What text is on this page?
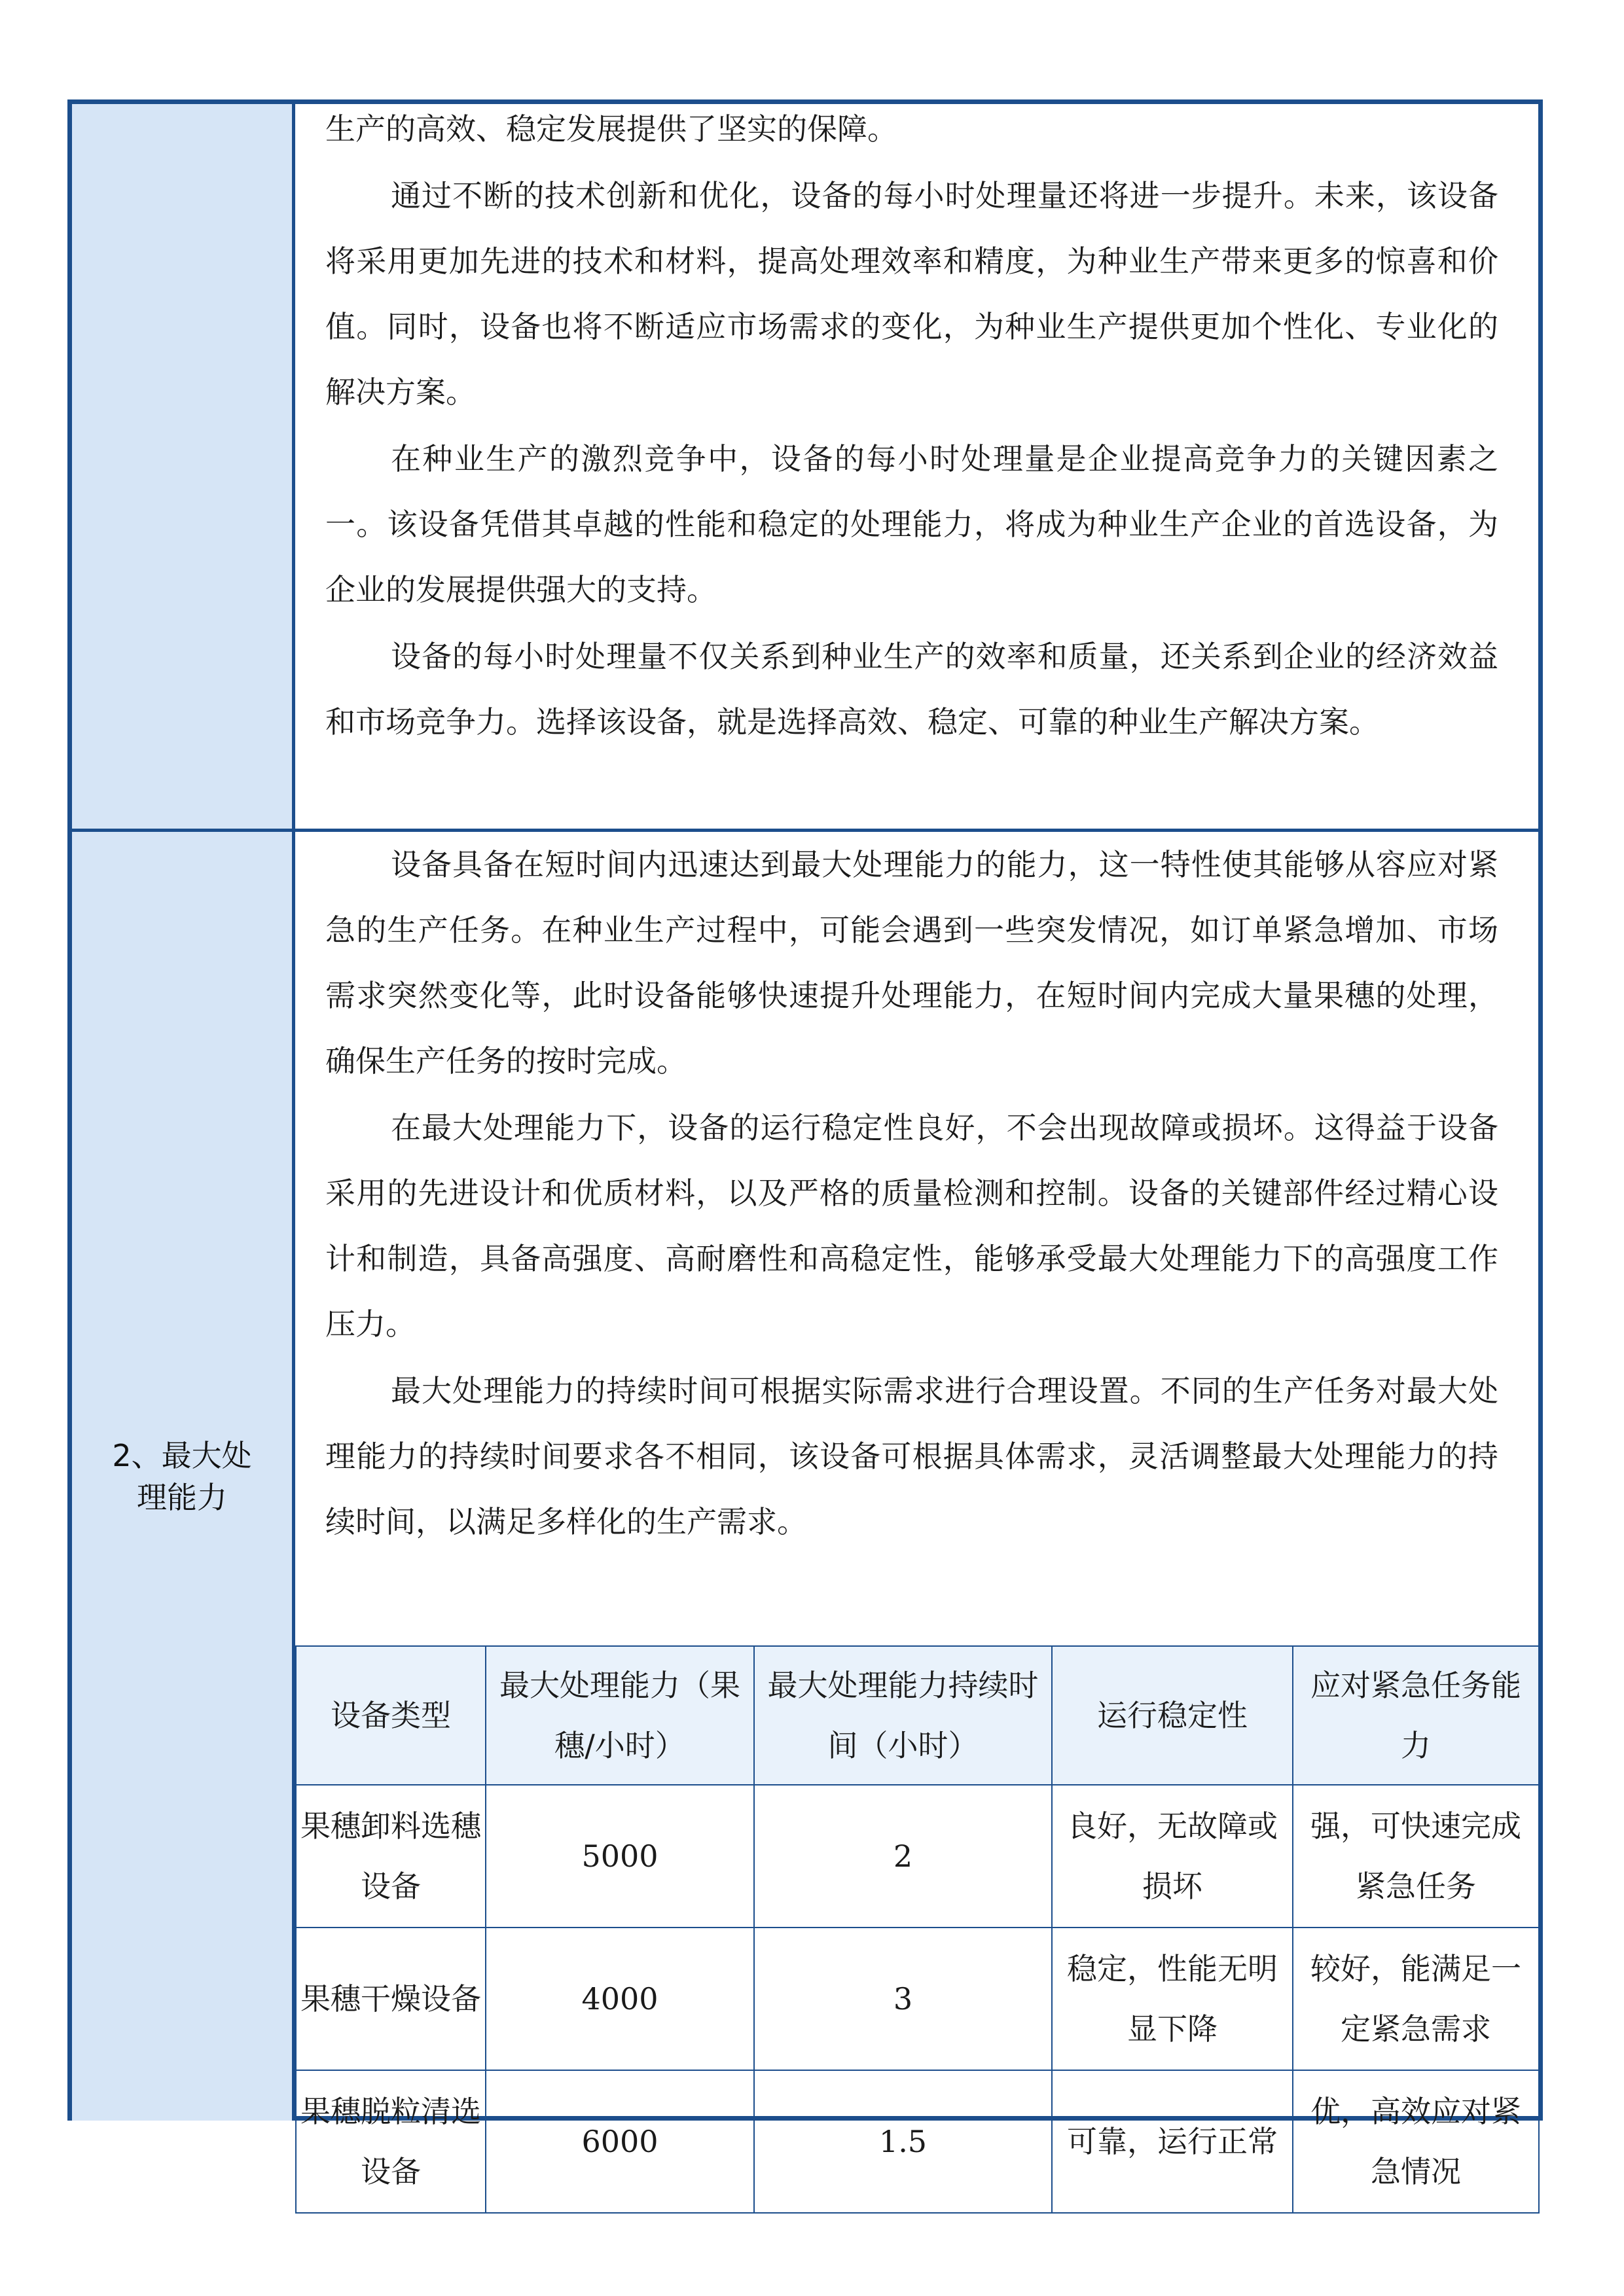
生产的高效、稳定发展提供了坚实的保障。

通过不断的技术创新和优化，设备的每小时处理量还将进一步提升。未来，该设备将采用更加先进的技术和材料，提高处理效率和精度，为种业生产带来更多的惊喜和价值。同时，设备也将不断适应市场需求的变化，为种业生产提供更加个性化、专业化的解决方案。

在种业生产的激烈竞争中，设备的每小时处理量是企业提高竞争力的关键因素之一。该设备凭借其卓越的性能和稳定的处理能力，将成为种业生产企业的首选设备，为企业的发展提供强大的支持。

设备的每小时处理量不仅关系到种业生产的效率和质量，还关系到企业的经济效益和市场竞争力。选择该设备，就是选择高效、稳定、可靠的种业生产解决方案。

2、最大处理能力

设备具备在短时间内迅速达到最大处理能力的能力，这一特性使其能够从容应对紧急的生产任务。在种业生产过程中，可能会遇到一些突发情况，如订单紧急增加、市场需求突然变化等，此时设备能够快速提升处理能力，在短时间内完成大量果穗的处理，确保生产任务的按时完成。

在最大处理能力下，设备的运行稳定性良好，不会出现故障或损坏。这得益于设备采用的先进设计和优质材料，以及严格的质量检测和控制。设备的关键部件经过精心设计和制造，具备高强度、高耐磨性和高稳定性，能够承受最大处理能力下的高强度工作压力。

最大处理能力的持续时间可根据实际需求进行合理设置。不同的生产任务对最大处理能力的持续时间要求各不相同，该设备可根据具体需求，灵活调整最大处理能力的持续时间，以满足多样化的生产需求。

设备类型	最大处理能力（果穗/小时）	最大处理能力持续时间（小时）	运行稳定性	应对紧急任务能力
果穗卸料选穗设备	5000	2	良好，无故障或损坏	强，可快速完成紧急任务
果穗干燥设备	4000	3	稳定，性能无明显下降	较好，能满足一定紧急需求
果穗脱粒清选设备	6000	1.5	可靠，运行正常	优，高效应对紧急情况
